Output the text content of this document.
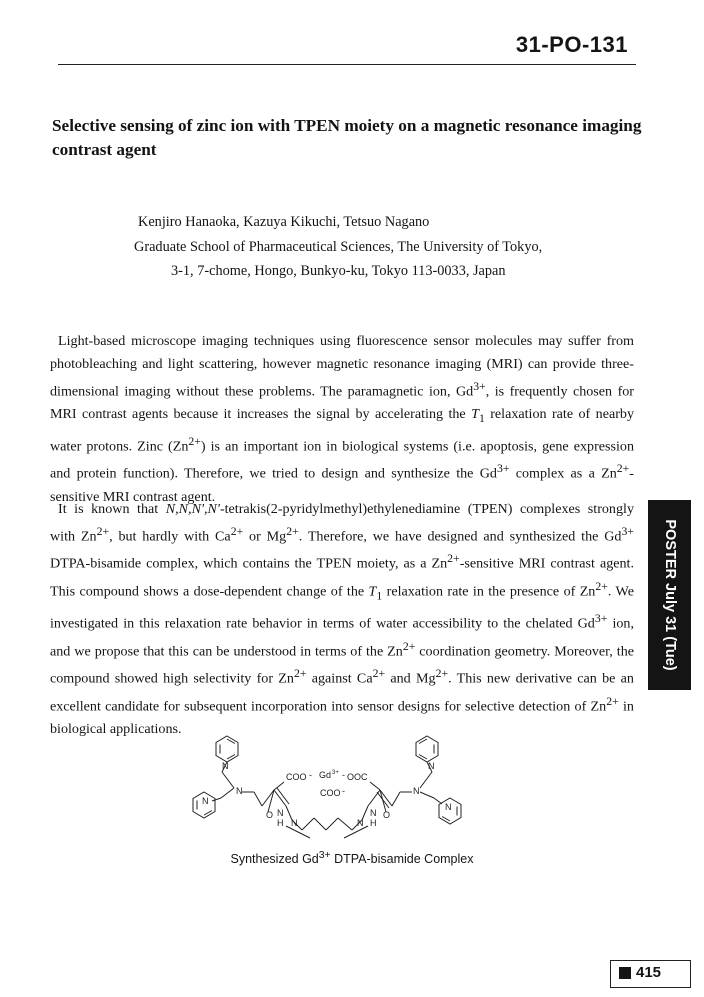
31-PO-131
Selective sensing of zinc ion with TPEN moiety on a magnetic resonance imaging contrast agent
Kenjiro Hanaoka, Kazuya Kikuchi, Tetsuo Nagano
Graduate School of Pharmaceutical Sciences, The University of Tokyo,
3-1, 7-chome, Hongo, Bunkyo-ku, Tokyo 113-0033, Japan

Light-based microscope imaging techniques using fluorescence sensor molecules may suffer from photobleaching and light scattering, however magnetic resonance imaging (MRI) can provide three-dimensional imaging without these problems. The paramagnetic ion, $Gd^{3+}$, is frequently chosen for MRI contrast agents because it increases the signal by accelerating the $T_1$ relaxation rate of nearby water protons. Zinc $(Zn^{2+})$ is an important ion in biological systems (i.e. apoptosis, gene expression and protein function). Therefore, we tried to design and synthesize the $Gd^{3+}$ complex as a $Zn^{2+}$-sensitive MRI contrast agent.

It is known that N,N,N',N'-tetrakis(2-pyridylmethyl)ethylenediamine (TPEN) complexes strongly with $Zn^{2+}$, but hardly with $Ca^{2+}$ or $Mg^{2+}$. Therefore, we have designed and synthesized the $Gd^{3+}$ DTPA-bisamide complex, which contains the TPEN moiety, as a $Zn^{2+}$-sensitive MRI contrast agent. This compound shows a dose-dependent change of the $T_1$ relaxation rate in the presence of $Zn^{2+}$. We investigated in this relaxation rate behavior in terms of water accessibility to the chelated $Gd^{3+}$ ion, and we propose that this can be understood in terms of the $Zn^{2+}$ coordination geometry. Moreover, the compound showed high selectivity for $Zn^{2+}$ against $Ca^{2+}$ and $Mg^{2+}$. This new derivative can be an excellent candidate for subsequent incorporation into sensor designs for selective detection of $Zn^{2+}$ in biological applications.

POSTER July 31 (Tue)
N
N
N
N
H N	N
N
H
O	O
N
N
N
COO - Gd 3+ - OOC
COO -
Synthesized $Gd^{3+}$ DTPA-bisamide Complex
415
